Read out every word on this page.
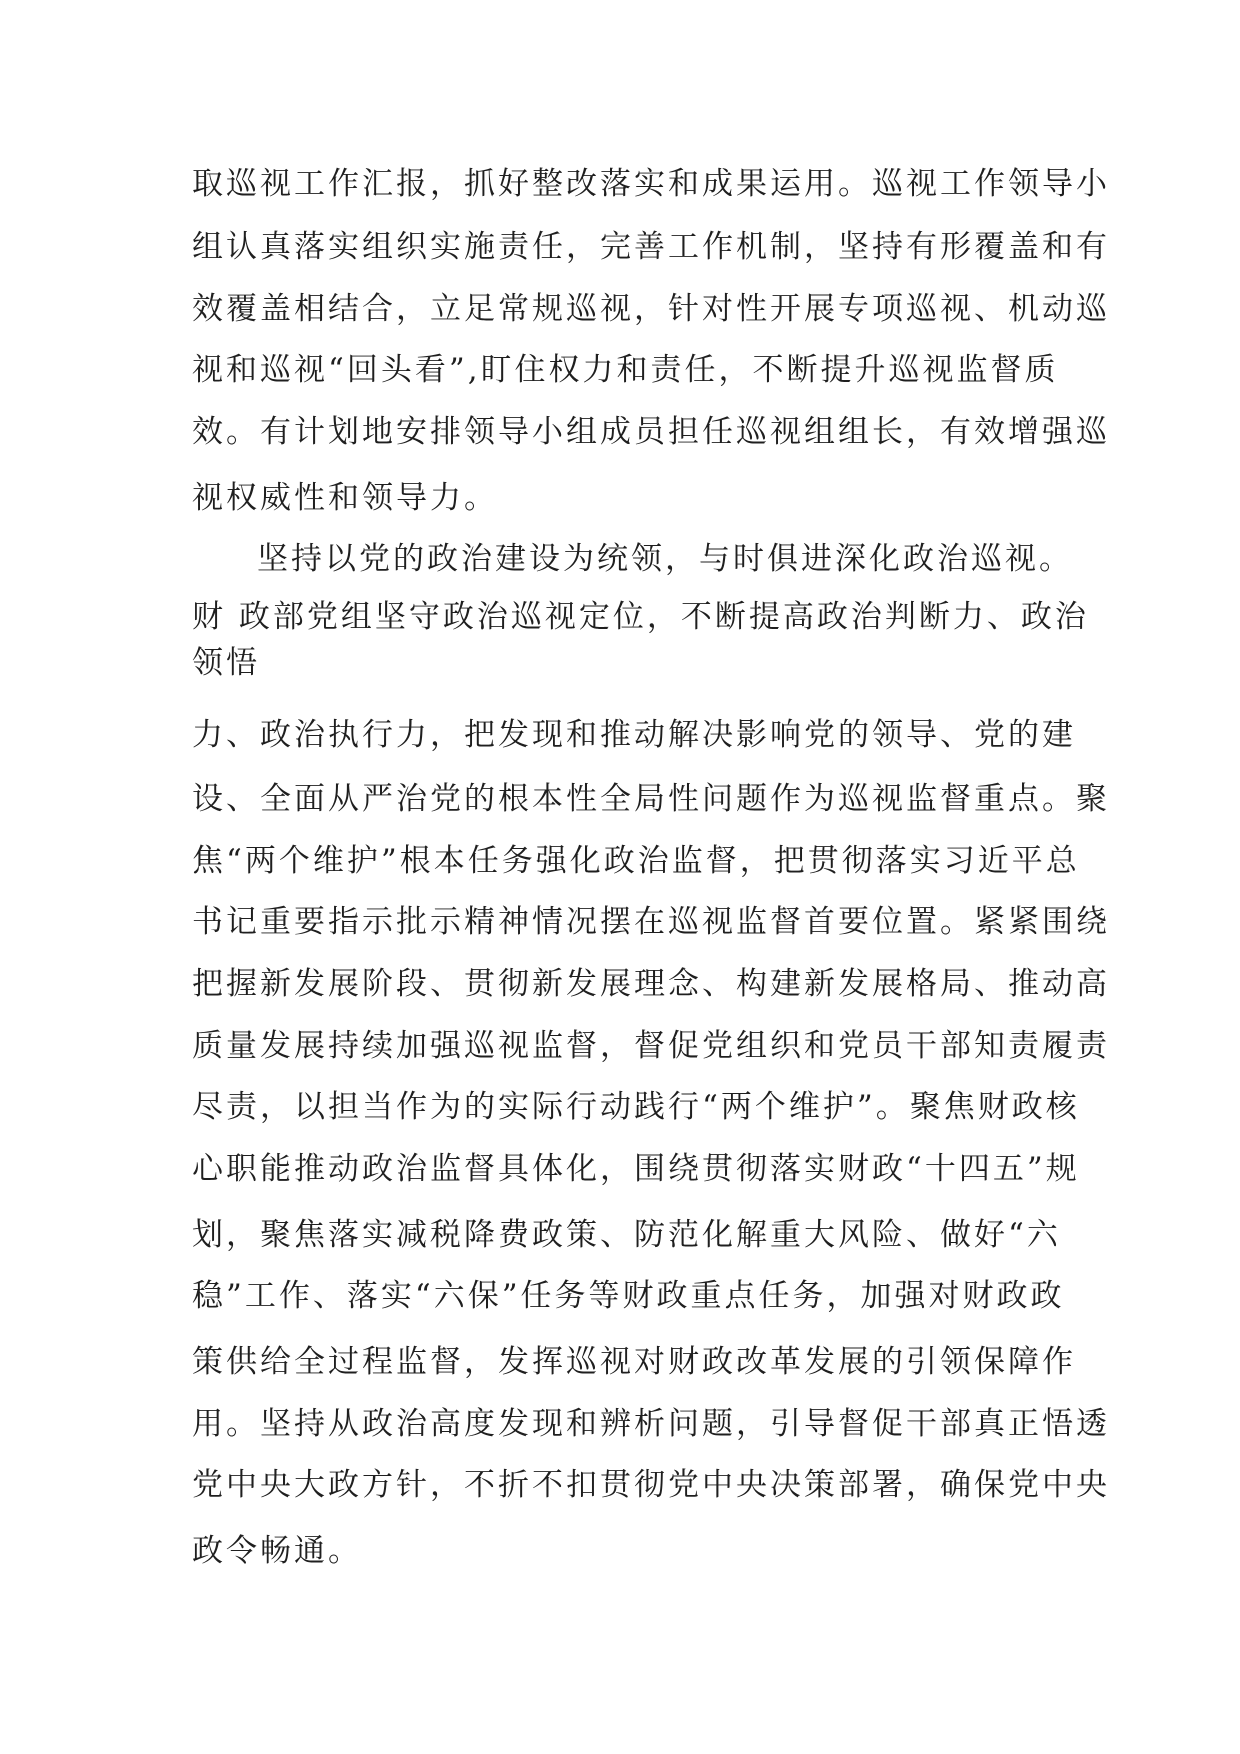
取巡视工作汇报，抓好整改落实和成果运用。巡视工作领导小

组认真落实组织实施责任，完善工作机制，坚持有形覆盖和有

效覆盖相结合，立足常规巡视，针对性开展专项巡视、机动巡

视和巡视“回头看”,盯住权力和责任，不断提升巡视监督质

效。有计划地安排领导小组成员担任巡视组组长，有效增强巡

视权威性和领导力。

坚持以党的政治建设为统领，与时俱进深化政治巡视。

财 政部党组坚守政治巡视定位，不断提高政治判断力、政治

领悟

力、政治执行力，把发现和推动解决影响党的领导、党的建

设、全面从严治党的根本性全局性问题作为巡视监督重点。聚

焦“两个维护”根本任务强化政治监督，把贯彻落实习近平总

书记重要指示批示精神情况摆在巡视监督首要位置。紧紧围绕

把握新发展阶段、贯彻新发展理念、构建新发展格局、推动高

质量发展持续加强巡视监督，督促党组织和党员干部知责履责

尽责，以担当作为的实际行动践行“两个维护”。聚焦财政核

心职能推动政治监督具体化，围绕贯彻落实财政“十四五”规

划，聚焦落实减税降费政策、防范化解重大风险、做好“六

稳”工作、落实“六保”任务等财政重点任务，加强对财政政

策供给全过程监督，发挥巡视对财政改革发展的引领保障作

用。坚持从政治高度发现和辨析问题，引导督促干部真正悟透

党中央大政方针，不折不扣贯彻党中央决策部署，确保党中央

政令畅通。
